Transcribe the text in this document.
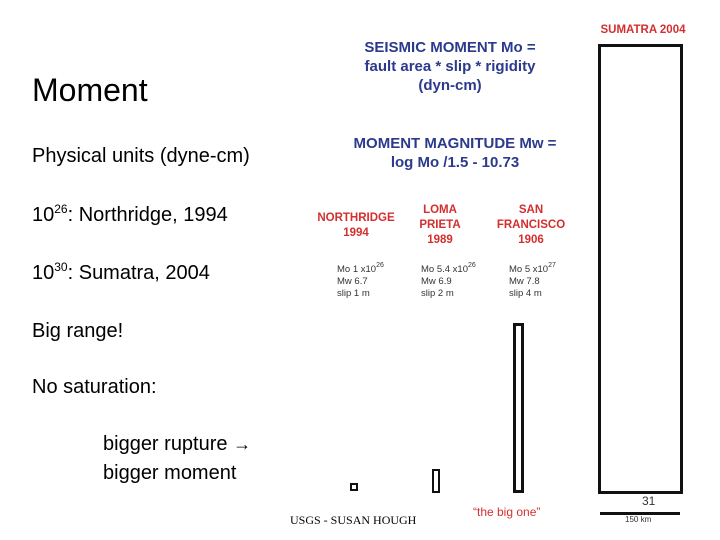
Moment
Physical units (dyne-cm)
$10^{26}$: Northridge, 1994
$10^{30}$: Sumatra, 2004
Big range!
No saturation:
bigger rupture →
bigger moment
SEISMIC MOMENT Mo =
fault area * slip * rigidity
(dyn-cm)
MOMENT MAGNITUDE Mw =
log Mo /1.5 - 10.73
NORTHRIDGE
1994
LOMA
PRIETA
1989
SAN
FRANCISCO
1906
SUMATRA 2004
Mo 1 $x10^{26}$
Mw 6.7
slip 1 m
Mo 5.4 $x10^{26}$
Mw 6.9
slip 2 m
Mo 5 $x10^{27}$
Mw 7.8
slip 4 m
USGS - SUSAN HOUGH
“the big one”
31
150 km
